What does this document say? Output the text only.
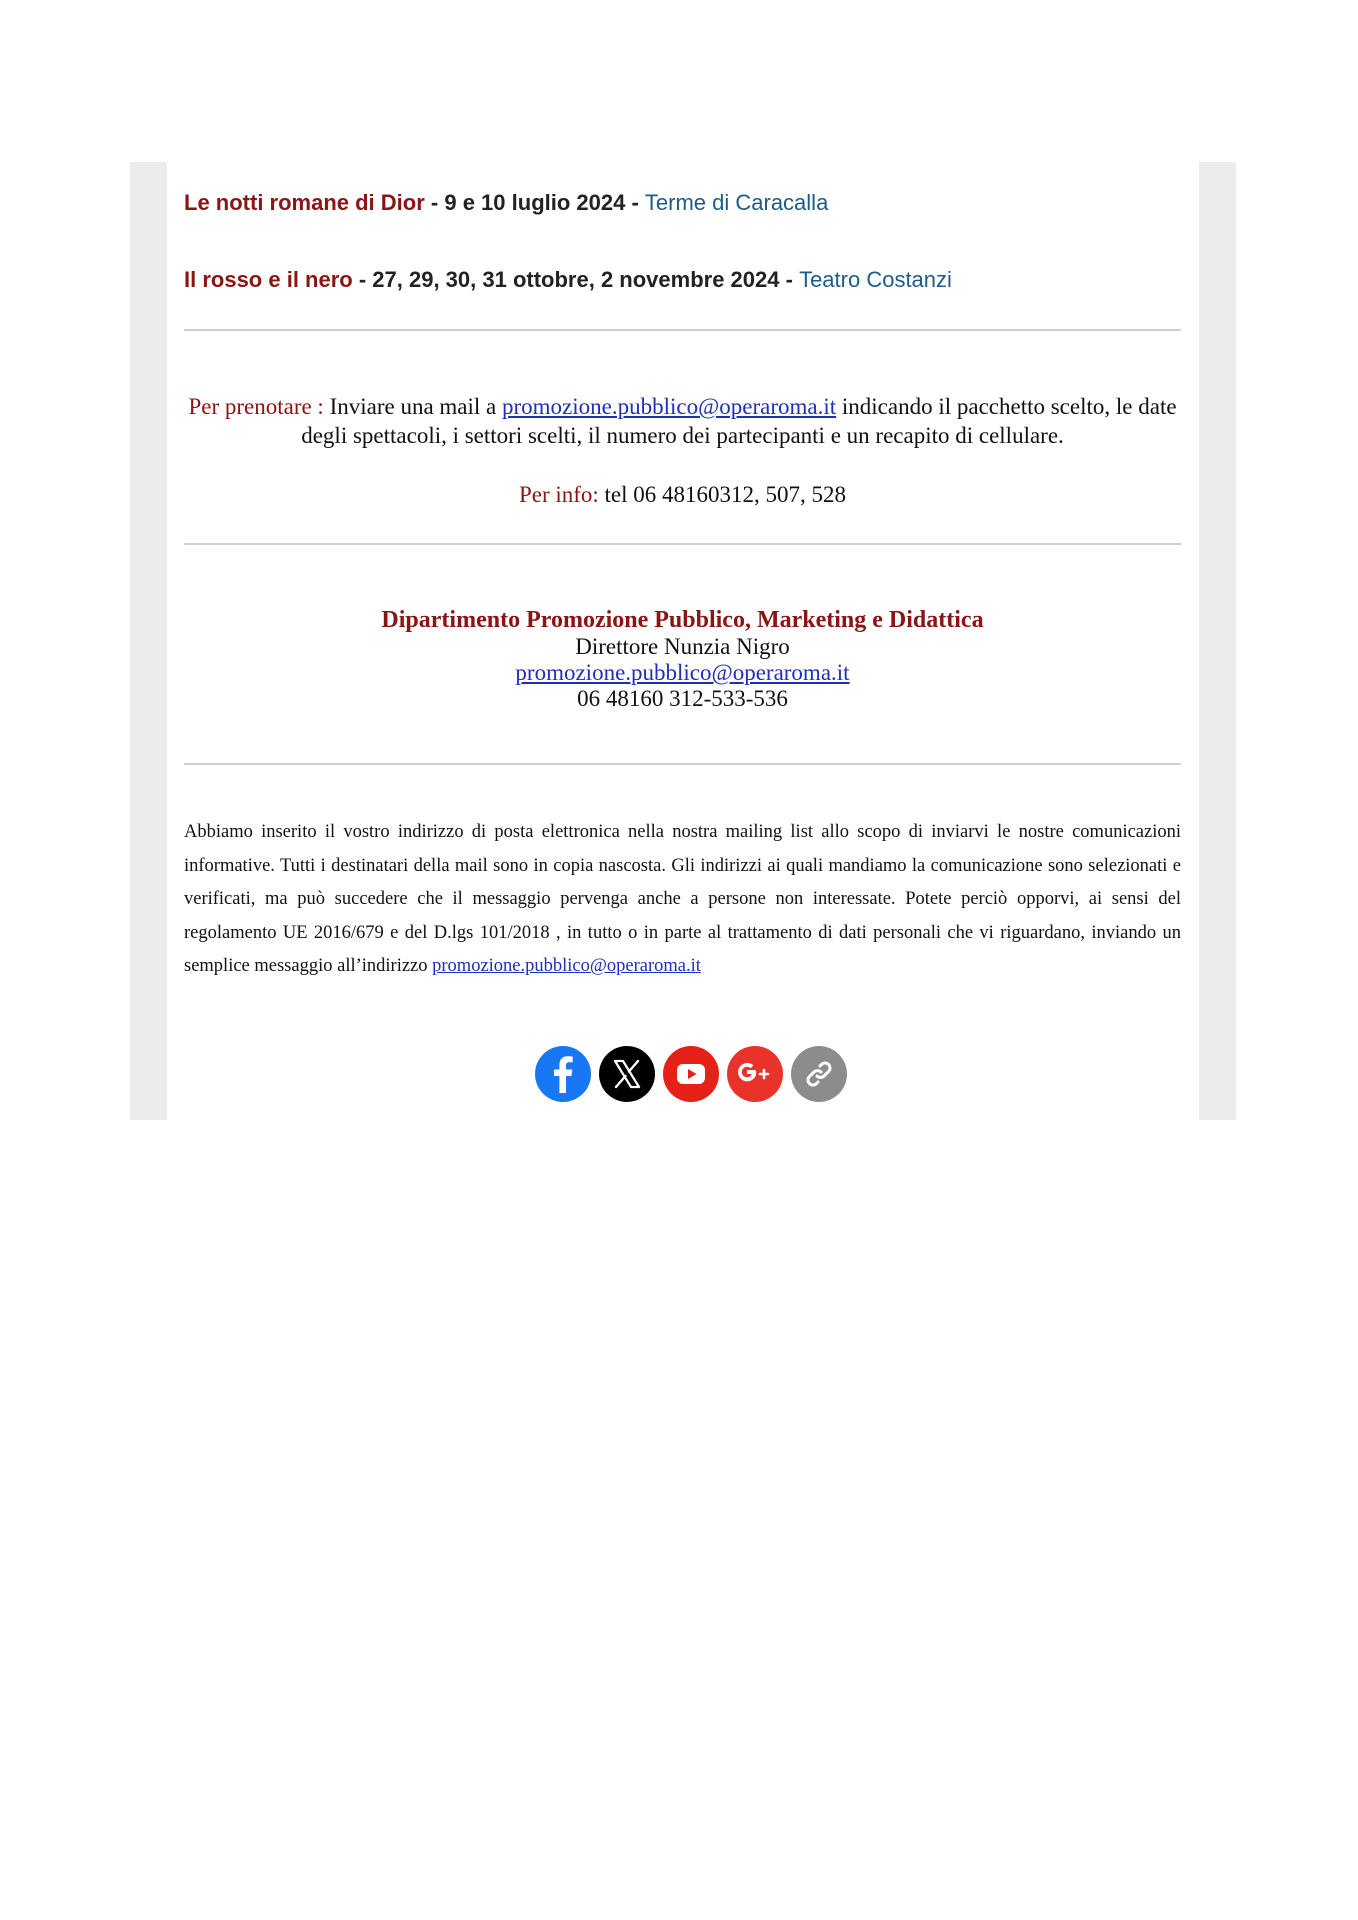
Le notti romane di Dior - 9 e 10 luglio 2024 - Terme di Caracalla
Il rosso e il nero - 27, 29, 30, 31 ottobre, 2 novembre 2024 - Teatro Costanzi
Per prenotare : Inviare una mail a promozione.pubblico@operaroma.it indicando il pacchetto scelto, le date degli spettacoli, i settori scelti, il numero dei partecipanti e un recapito di cellulare.
Per info: tel 06 48160312, 507, 528
Dipartimento Promozione Pubblico, Marketing e Didattica
Direttore Nunzia Nigro
promozione.pubblico@operaroma.it
06 48160 312-533-536
Abbiamo inserito il vostro indirizzo di posta elettronica nella nostra mailing list allo scopo di inviarvi le nostre comunicazioni informative. Tutti i destinatari della mail sono in copia nascosta. Gli indirizzi ai quali mandiamo la comunicazione sono selezionati e verificati, ma può succedere che il messaggio pervenga anche a persone non interessate. Potete perciò opporvi, ai sensi del regolamento UE 2016/679 e del D.lgs 101/2018 , in tutto o in parte al trattamento di dati personali che vi riguardano, inviando un semplice messaggio all’indirizzo promozione.pubblico@operaroma.it
